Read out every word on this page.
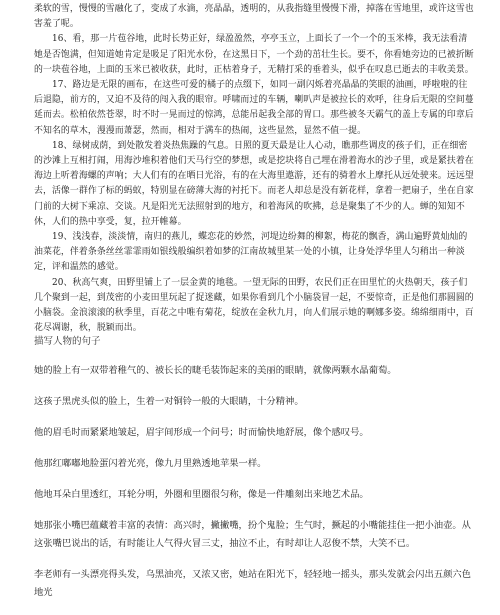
柔软的雪，慢慢的雪融化了，变成了水滴，亮晶晶，透明的，从我指缝里慢慢下滑，掉落在雪地里，或许这雪也害羞了呢。

16、看，那一片苞谷地，此时长势正好，绿盈盈然，亭亭玉立，上面长了一个一个的玉米棒，我无法看清她是否饱满，但知道她肯定是吸足了阳光水份，在这黑日下，一个劲的茁壮生长。要不，你看她旁边的已被折断的一块苞谷地，上面的玉米已被收获，此时，正枯着身子，无精打采的垂着头，似乎在叹息已逝去的丰收美景。

17、路边是无限的画布，在这些可爱的橘子的点缀下，如同一副闪烁着亮晶晶的笑眼的油画，呼啦啦的往后退隐，前方的，又迫不及待的闯入我的眼帘。呼啸而过的车辆，喇叭声是被拉长的欢呼，往身后无限的空间蔓延而去。松柏依然苍翠，时不时一晃而过的惊鸿，总能吊起我全部的胃口。那些被冬天霸气的盖上专属的印章后不知名的草木，漫漫而萧瑟，然而，相对于满车的热闹，这些显然，显然不值一提。

18、绿树成荫，到处散发着炎热焦躁的气息。日照的夏天最是让人心动，瞧那些调皮的孩子们，正在细密的沙滩上互相打闹，用海沙堆积着他们天马行空的梦想，或是挖块将自己埋在滑着海水的沙子里，或是紧扶着在海边上听着海螺的声响；大人们有的在晒日光浴，有的在大海里遨游，还有的骑着水上摩托从远处驶来。远远望去，活像一群作了标的蚂蚁，特别显在磅薄大海的衬托下。而老人却总是没有新花样，拿着一把扇子，坐在自家门前的大树下乘凉、交谈。凡是阳光无法照射到的地方，和着海风的吹拂，总是聚集了不少的人。蝉的知知不休，人们的热中享受，复，拉开帷幕。

19、浅浅春，淡淡情，南归的燕儿，蝶恋花的妙然，河堤边纷舞的柳絮，梅花的飘香，满山遍野黄灿灿的油菜花，伴着条条丝丝霏霏雨如银线般编织着如梦的江南故城里某一处的小镇，让身处浮华里人匀稍出一种淡定，评和温然的感觉。

20、秋高气爽，田野里铺上了一层金黄的地毯。一望无际的田野，农民们正在田里忙的火热朝天，孩子们几个聚到一起，到茂密的小麦田里玩起了捉迷藏，如果你看到几个小脑袋冒一起，不要惊奇，正是他们那圆圆的小脑袋。金浪滚滚的秋季里，百花之中唯有菊花，绽放在金秋九月，向人们展示她的啊娜多姿。绵绵细雨中，百花尽凋谢，秋，脱颖而出。

描写人物的句子

她的脸上有一双带着稚气的、被长长的睫毛装饰起来的美丽的眼睛，就像两颗水晶葡萄。

这孩子黑虎头似的脸上，生着一对铜铃一般的大眼睛，十分精神。

他的眉毛时而紧紧地皱起，眉宇间形成一个问号；时而愉快地舒展，像个感叹号。

他那红嘟嘟地脸蛋闪着光亮，像九月里熟透地苹果一样。

他地耳朵白里透红，耳轮分明，外圈和里圈很匀称，像是一件雕刻出来地艺术品。

她那张小嘴巴蕴藏着丰富的表情：高兴时，撇撇嘴，扮个鬼脸；生气时，撅起的小嘴能挂住一把小油壶。从这张嘴巴说出的话，有时能让人气得火冒三丈，抽泣不止，有时却让人忍俊不禁，大笑不已。

李老师有一头漂亮得头发，乌黑油亮，又浓又密，她站在阳光下，轻轻地一摇头，那头发就会闪出五颜六色地光
